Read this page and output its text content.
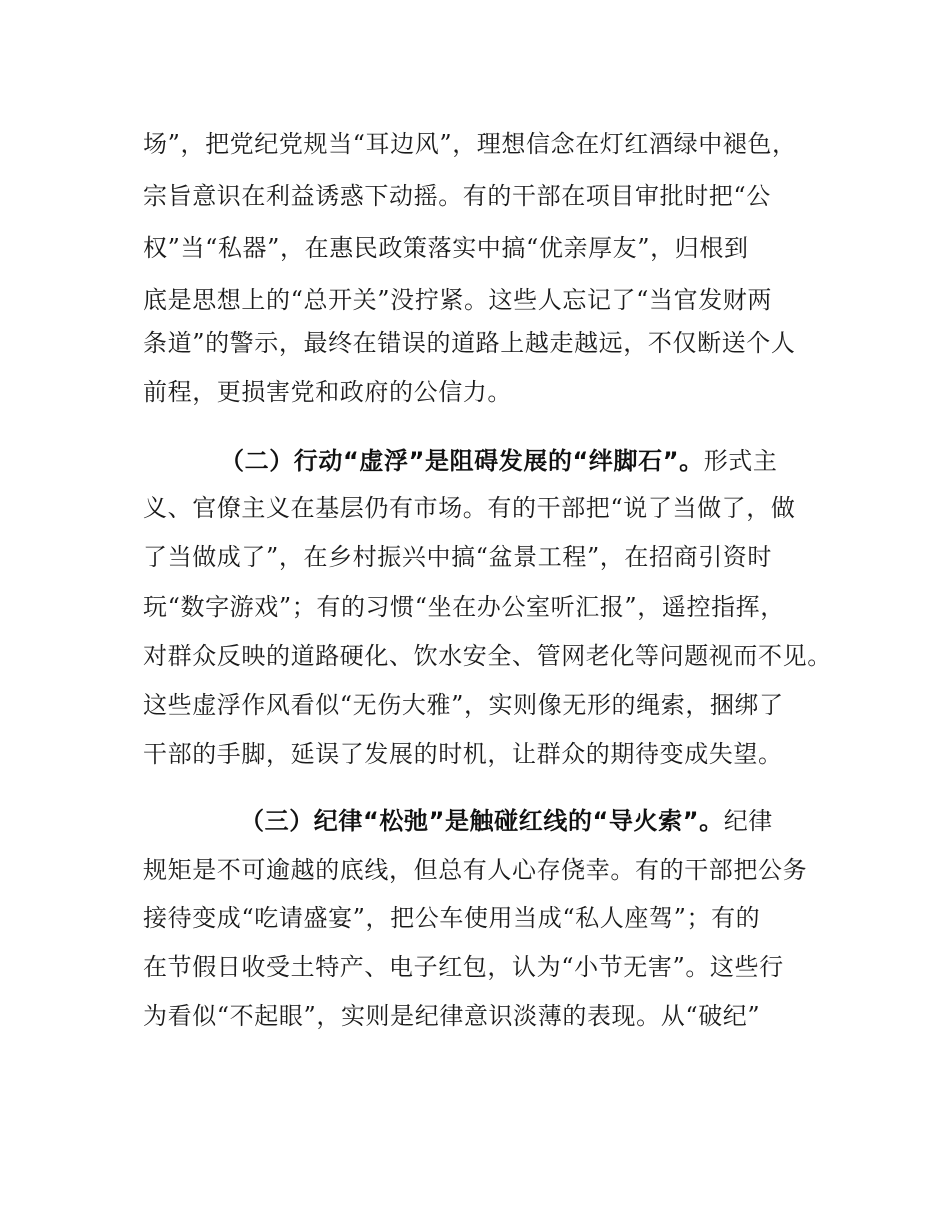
场”，把党纪党规当“耳边风”，理想信念在灯红酒绿中褪色，
宗旨意识在利益诱惑下动摇。有的干部在项目审批时把“公
权”当“私器”，在惠民政策落实中搞“优亲厚友”，归根到
底是思想上的“总开关”没拧紧。这些人忘记了“当官发财两
条道”的警示，最终在错误的道路上越走越远，不仅断送个人
前程，更损害党和政府的公信力。
（二）行动“虚浮”是阻碍发展的“绊脚石”。形式主
义、官僚主义在基层仍有市场。有的干部把“说了当做了，做
了当做成了”，在乡村振兴中搞“盆景工程”，在招商引资时
玩“数字游戏”；有的习惯“坐在办公室听汇报”，遥控指挥，
对群众反映的道路硬化、饮水安全、管网老化等问题视而不见。
这些虚浮作风看似“无伤大雅”，实则像无形的绳索，捆绑了
干部的手脚，延误了发展的时机，让群众的期待变成失望。
（三）纪律“松弛”是触碰红线的“导火索”。纪律
规矩是不可逾越的底线，但总有人心存侥幸。有的干部把公务
接待变成“吃请盛宴”，把公车使用当成“私人座驾”；有的
在节假日收受土特产、电子红包，认为“小节无害”。这些行
为看似“不起眼”，实则是纪律意识淡薄的表现。从“破纪”
